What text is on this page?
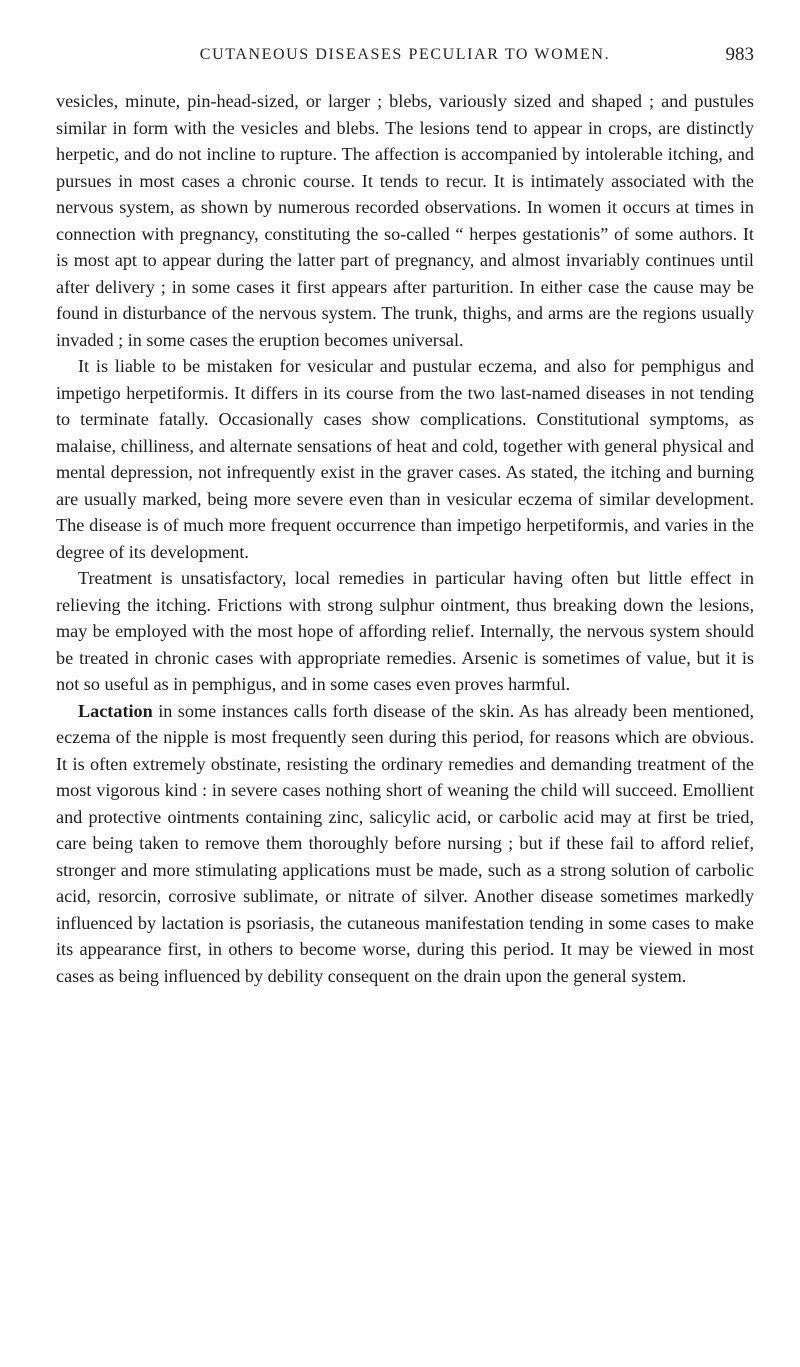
CUTANEOUS DISEASES PECULIAR TO WOMEN.	983

vesicles, minute, pin-head-sized, or larger ; blebs, variously sized and shaped ; and pustules similar in form with the vesicles and blebs. The lesions tend to appear in crops, are distinctly herpetic, and do not incline to rupture. The affection is accompanied by intolerable itching, and pursues in most cases a chronic course. It tends to recur. It is intimately associated with the nervous system, as shown by numerous recorded observations. In women it occurs at times in connection with pregnancy, constituting the so-called “ herpes gestationis” of some authors. It is most apt to appear during the latter part of pregnancy, and almost invariably continues until after delivery ; in some cases it first appears after parturition. In either case the cause may be found in disturbance of the nervous system. The trunk, thighs, and arms are the regions usually invaded ; in some cases the eruption becomes universal.

It is liable to be mistaken for vesicular and pustular eczema, and also for pemphigus and impetigo herpetiformis. It differs in its course from the two last-named diseases in not tending to terminate fatally. Occasionally cases show complications. Constitutional symptoms, as malaise, chilliness, and alternate sensations of heat and cold, together with general physical and mental depression, not infrequently exist in the graver cases. As stated, the itching and burning are usually marked, being more severe even than in vesicular eczema of similar development. The disease is of much more frequent occurrence than impetigo herpetiformis, and varies in the degree of its development.

Treatment is unsatisfactory, local remedies in particular having often but little effect in relieving the itching. Frictions with strong sulphur ointment, thus breaking down the lesions, may be employed with the most hope of affording relief. Internally, the nervous system should be treated in chronic cases with appropriate remedies. Arsenic is sometimes of value, but it is not so useful as in pemphigus, and in some cases even proves harmful.

Lactation in some instances calls forth disease of the skin. As has already been mentioned, eczema of the nipple is most frequently seen during this period, for reasons which are obvious. It is often extremely obstinate, resisting the ordinary remedies and demanding treatment of the most vigorous kind : in severe cases nothing short of weaning the child will succeed. Emollient and protective ointments containing zinc, salicylic acid, or carbolic acid may at first be tried, care being taken to remove them thoroughly before nursing ; but if these fail to afford relief, stronger and more stimulating applications must be made, such as a strong solution of carbolic acid, resorcin, corrosive sublimate, or nitrate of silver. Another disease sometimes markedly influenced by lactation is psoriasis, the cutaneous manifestation tending in some cases to make its appearance first, in others to become worse, during this period. It may be viewed in most cases as being influenced by debility consequent on the drain upon the general system.
